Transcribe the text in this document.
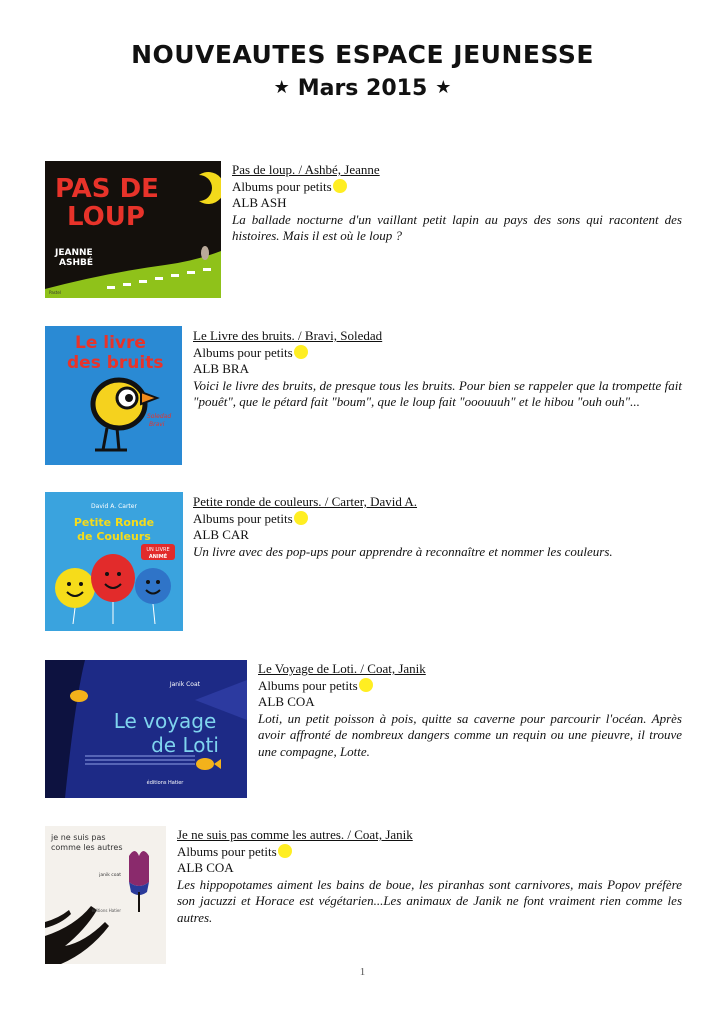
NOUVEAUTES ESPACE JEUNESSE
★ Mars 2015 ★
PAS DE
LOUP
JEANNE
ASHBÉ
Pastel
Pas de loup. / Ashbé, Jeanne
Albums pour petits
ALB ASH
La ballade nocturne d'un vaillant petit lapin au pays des sons qui racontent des histoires. Mais il est où le loup ?
Le livre
des bruits
Soledad
Bravi
Le Livre des bruits. / Bravi, Soledad
Albums pour petits
ALB BRA
Voici le livre des bruits, de presque tous les bruits. Pour bien se rappeler que la trompette fait "pouêt", que le pétard fait "boum", que le loup fait "ooouuuh" et le hibou "ouh ouh"...
David A. Carter
Petite Ronde
de Couleurs
UN LIVRE
ANIMÉ
Petite ronde de couleurs. / Carter, David A.
Albums pour petits
ALB CAR
Un livre avec des pop-ups pour apprendre à reconnaître et nommer les couleurs.
Janik Coat
Le voyage
de Loti
éditions Hatier
Le Voyage de Loti. / Coat, Janik
Albums pour petits
ALB COA
Loti, un petit poisson à pois, quitte sa caverne pour parcourir l'océan. Après avoir affronté de nombreux dangers comme un requin ou une pieuvre, il trouve une compagne, Lotte.
je ne suis pas
comme les autres
janik coat
éditions Hatier
Je ne suis pas comme les autres. / Coat, Janik
Albums pour petits
ALB COA
Les hippopotames aiment les bains de boue, les piranhas sont carnivores, mais Popov préfère son jacuzzi et Horace est végétarien...Les animaux de Janik ne font vraiment rien comme les autres.
1
